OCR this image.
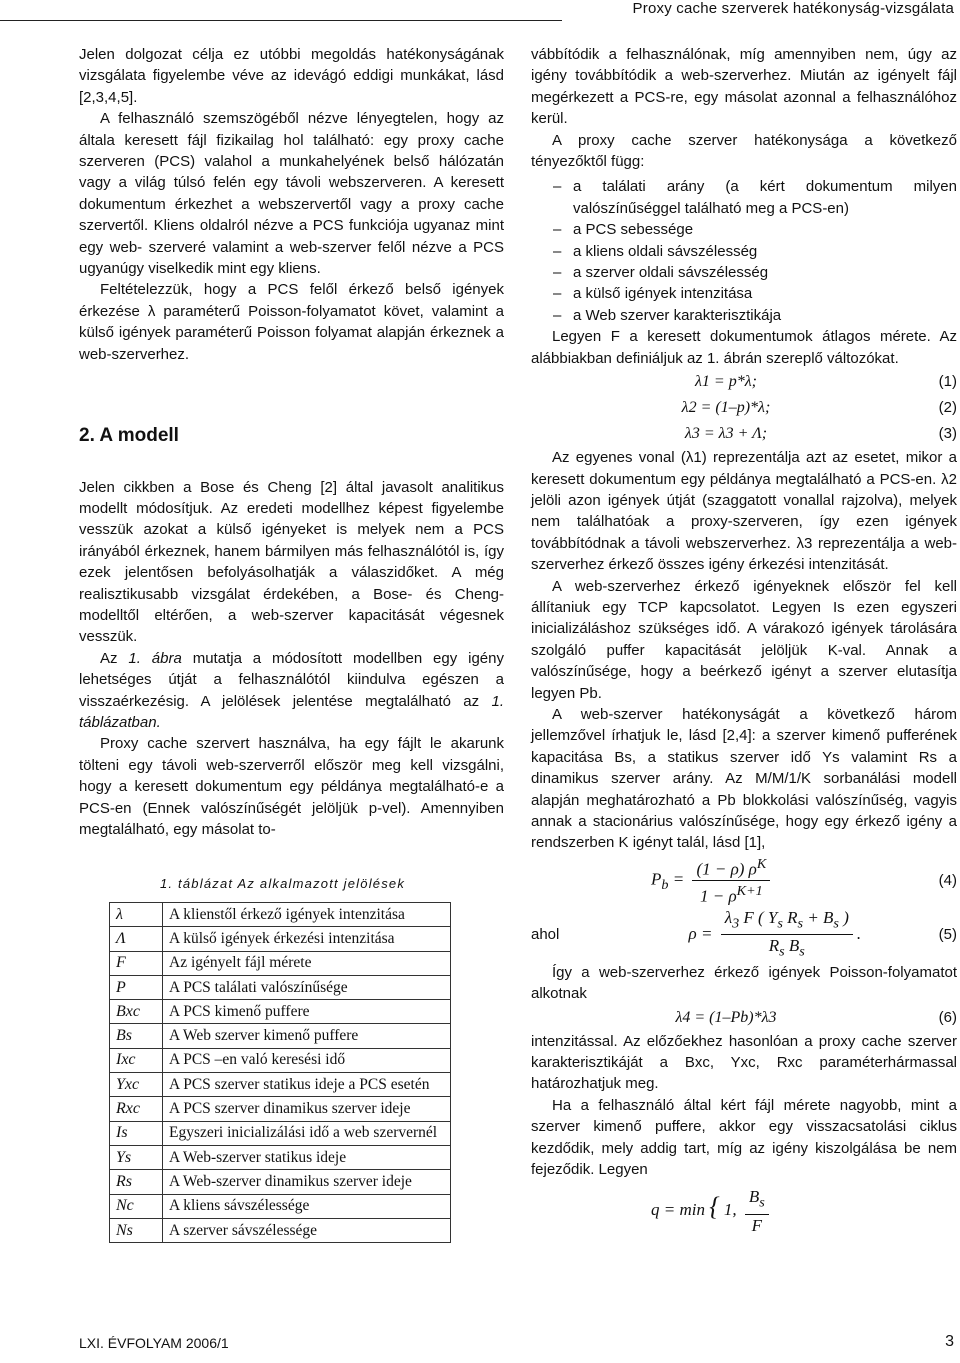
Proxy cache szerverek hatékonyság-vizsgálata

Jelen dolgozat célja ez utóbbi megoldás hatékonyságának vizsgálata figyelembe véve az idevágó eddigi munkákat, lásd [2,3,4,5].

A felhasználó szemszögéből nézve lényegtelen, hogy az általa keresett fájl fizikailag hol található: egy proxy cache szerveren (PCS) valahol a munkahelyének belső hálózatán vagy a világ túlsó felén egy távoli webszerveren. A keresett dokumentum érkezhet a webszervertől vagy a proxy cache szervertől. Kliens oldalról nézve a PCS funkciója ugyanaz mint egy web- szerveré valamint a web-szerver felől nézve a PCS ugyanúgy viselkedik mint egy kliens.

Feltételezzük, hogy a PCS felől érkező belső igények érkezése λ paraméterű Poisson-folyamatot követ, valamint a külső igények paraméterű Poisson folyamat alapján érkeznek a web-szerverhez.

2. A modell

Jelen cikkben a Bose és Cheng [2] által javasolt analitikus modellt módosítjuk. Az eredeti modellhez képest figyelembe vesszük azokat a külső igényeket is melyek nem a PCS irányából érkeznek, hanem bármilyen más felhasználótól is, így ezek jelentősen befolyásolhatják a válaszidőket. A még realisztikusabb vizsgálat érdekében, a Bose- és Cheng-modelltől eltérően, a web-szerver kapacitását végesnek vesszük.

Az 1. ábra mutatja a módosított modellben egy igény lehetséges útját a felhasználótól kiindulva egészen a visszaérkezésig. A jelölések jelentése megtalálható az 1. táblázatban.

Proxy cache szervert használva, ha egy fájlt le akarunk tölteni egy távoli web-szerverről először meg kell vizsgálni, hogy a keresett dokumentum egy példánya megtalálható-e a PCS-en (Ennek valószínűségét jelöljük p-vel). Amennyiben megtalálható, egy másolat to-

1. táblázat Az alkalmazott jelölések
λ	A klienstől érkező igények intenzitása
Λ	A külső igények érkezési intenzitása
F	Az igényelt fájl mérete
P	A PCS találati valószínűsége
Bxc	A PCS kimenő puffere
Bs	A Web szerver kimenő puffere
Ixc	A PCS –en való keresési idő
Yxc	A PCS szerver statikus ideje a PCS esetén
Rxc	A PCS szerver dinamikus szerver ideje
Is	Egyszeri inicializálási idő a web szervernél
Ys	A Web-szerver statikus ideje
Rs	A Web-szerver dinamikus szerver ideje
Nc	A kliens sávszélessége
Ns	A szerver sávszélessége

vábbítódik a felhasználónak, míg amennyiben nem, úgy az igény továbbítódik a web-szerverhez. Miután az igényelt fájl megérkezett a PCS-re, egy másolat azonnal a felhasználóhoz kerül.

A proxy cache szerver hatékonysága a következő tényezőktől függ:

– a találati arány (a kért dokumentum milyen valószínűséggel található meg a PCS-en)
– a PCS sebessége
– a kliens oldali sávszélesség
– a szerver oldali sávszélesség
– a külső igények intenzitása
– a Web szerver karakterisztikája

Legyen F a keresett dokumentumok átlagos mérete. Az alábbiakban definiáljuk az 1. ábrán szereplő változókat.

λ1 = p*λ;	(1)
λ2 = (1–p)*λ;	(2)
λ3 = λ3 + Λ;	(3)

Az egyenes vonal (λ1) reprezentálja azt az esetet, mikor a keresett dokumentum egy példánya megtalálható a PCS-en. λ2 jelöli azon igények útját (szaggatott vonallal rajzolva), melyek nem találhatóak a proxy-szerveren, így ezen igények továbbítódnak a távoli webszerverhez. λ3 reprezentálja a web-szerverhez érkező összes igény érkezési intenzitását.

A web-szerverhez érkező igényeknek először fel kell állítaniuk egy TCP kapcsolatot. Legyen Is ezen egyszeri inicializáláshoz szükséges idő. A várakozó igények tárolására szolgáló puffer kapacitását jelöljük K-val. Annak a valószínűsége, hogy a beérkező igényt a szerver elutasítja legyen Pb.

A web-szerver hatékonyságát a következő három jellemzővel írhatjuk le, lásd [2,4]: a szerver kimenő pufferének kapacitása Bs, a statikus szerver idő Ys valamint Rs a dinamikus szerver arány. Az M/M/1/K sorbanálási modell alapján meghatározható a Pb blokkolási valószínűség, vagyis annak a stacionárius valószínűsége, hogy egy érkező igény a rendszerben K igényt talál, lásd [1],

$P_b = \frac{(1 - \rho) \rho^K}{1 - \rho^{K+1}}$	(4)
ahol	$\rho = \frac{\lambda_3 F ( Y_s R_s + B_s )}{R_s B_s}$ .	(5)

Így a web-szerverhez érkező igények Poisson-folyamatot alkotnak

λ4 = (1–Pb)*λ3	(6)

intenzitással. Az előzőekhez hasonlóan a proxy cache szerver karakterisztikáját a Bxc, Yxc, Rxc paraméterhármassal határozhatjuk meg.

Ha a felhasználó által kért fájl mérete nagyobb, mint a szerver kimenő puffere, akkor egy visszacsatolási ciklus kezdődik, mely addig tart, míg az igény kiszolgálása be nem fejeződik. Legyen

q = min { 1, $\frac{B_s}{F}$
LXI. ÉVFOLYAM 2006/1	3
